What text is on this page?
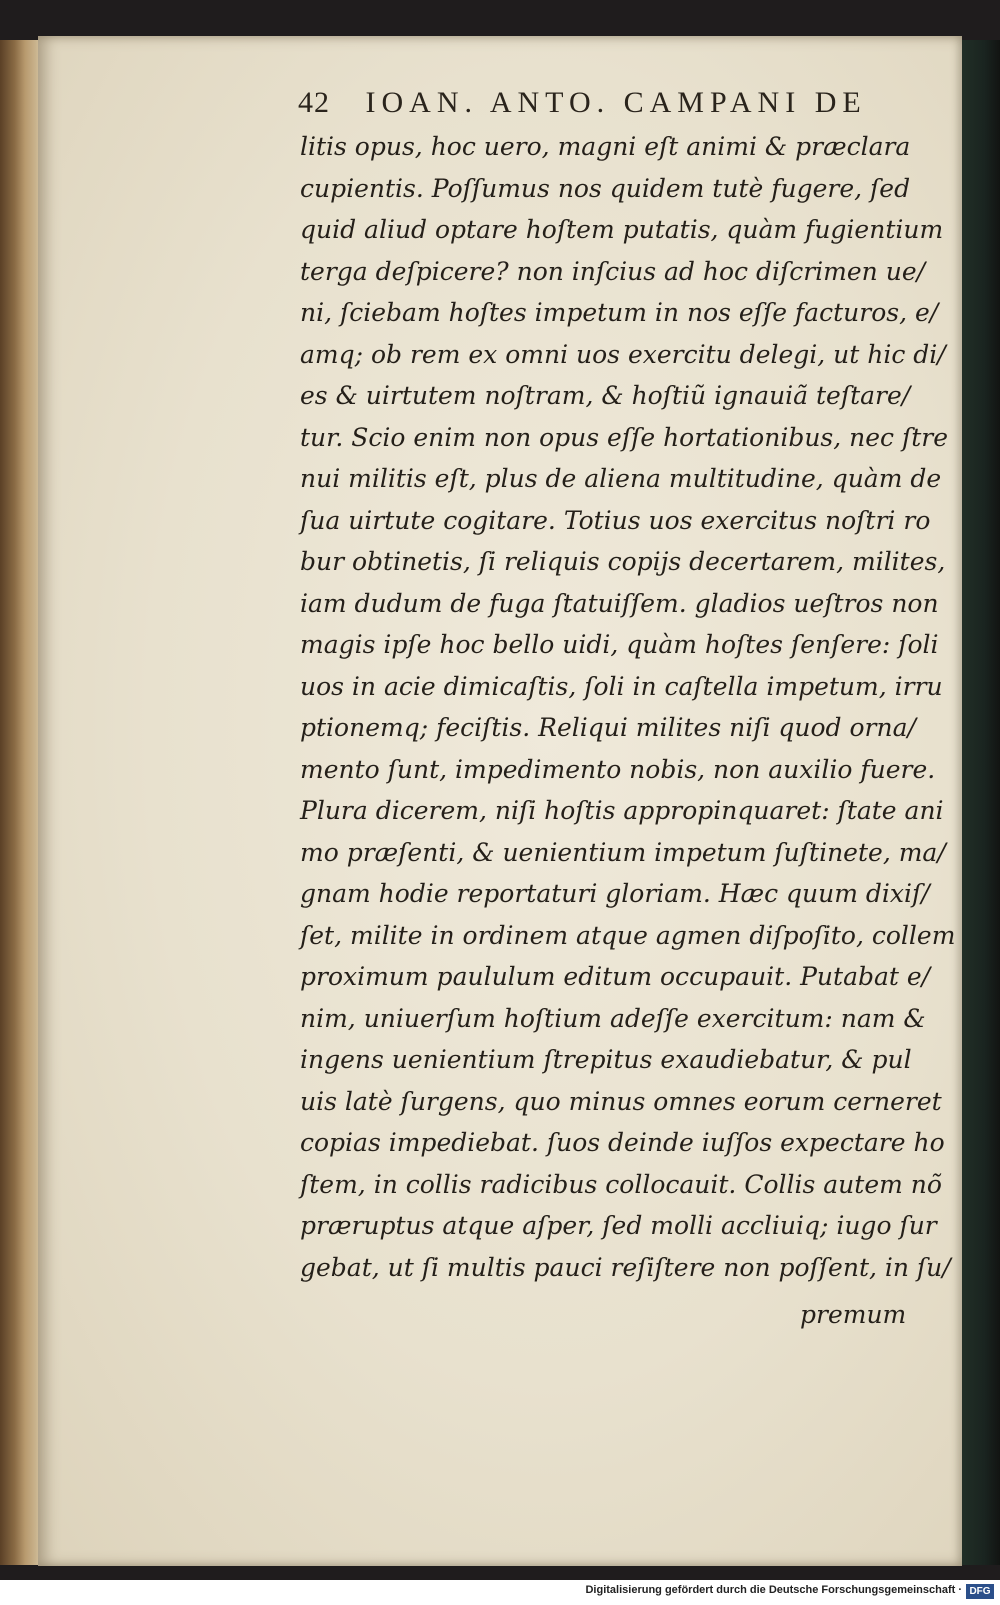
42 IOAN. ANTO. CAMPANI DE
litis opus, hoc uero, magni eſt animi & præclara
cupientis. Poſſumus nos quidem tutè fugere, ſed
quid aliud optare hoſtem putatis, quàm fugientium
terga deſpicere? non inſcius ad hoc diſcrimen ue/
ni, ſciebam hoſtes impetum in nos eſſe facturos, e/
amq; ob rem ex omni uos exercitu delegi, ut hic di/
es & uirtutem noſtram, & hoſtiũ ignauiã teſtare/
tur. Scio enim non opus eſſe hortationibus, nec ſtre
nui militis eſt, plus de aliena multitudine, quàm de
ſua uirtute cogitare. Totius uos exercitus noſtri ro
bur obtinetis, ſi reliquis copijs decertarem, milites,
iam dudum de fuga ſtatuiſſem. gladios ueſtros non
magis ipſe hoc bello uidi, quàm hoſtes ſenſere: ſoli
uos in acie dimicaſtis, ſoli in caſtella impetum, irru
ptionemq; feciſtis. Reliqui milites niſi quod orna/
mento ſunt, impedimento nobis, non auxilio fuere.
Plura dicerem, niſi hoſtis appropinquaret: ſtate ani
mo præſenti, & uenientium impetum ſuſtinete, ma/
gnam hodie reportaturi gloriam. Hæc quum dixiſ/
ſet, milite in ordinem atque agmen diſpoſito, collem
proximum paululum editum occupauit. Putabat e/
nim, uniuerſum hoſtium adeſſe exercitum: nam &
ingens uenientium ſtrepitus exaudiebatur, & pul
uis latè ſurgens, quo minus omnes eorum cerneret
copias impediebat. ſuos deinde iuſſos expectare ho
ſtem, in collis radicibus collocauit. Collis autem nõ
præruptus atque aſper, ſed molli accliuiq; iugo ſur
gebat, ut ſi multis pauci reſiſtere non poſſent, in ſu/
premum
Digitalisierung gefördert durch die Deutsche Forschungsgemeinschaft · DFG
